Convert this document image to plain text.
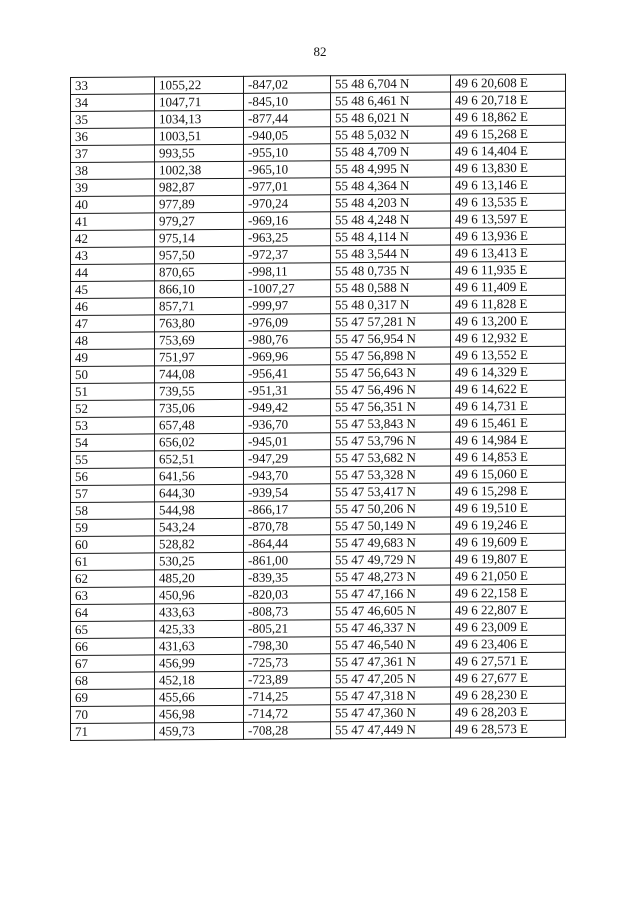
82
33	1055,22	-847,02	55 48 6,704 N	49 6 20,608 E
34	1047,71	-845,10	55 48 6,461 N	49 6 20,718 E
35	1034,13	-877,44	55 48 6,021 N	49 6 18,862 E
36	1003,51	-940,05	55 48 5,032 N	49 6 15,268 E
37	993,55	-955,10	55 48 4,709 N	49 6 14,404 E
38	1002,38	-965,10	55 48 4,995 N	49 6 13,830 E
39	982,87	-977,01	55 48 4,364 N	49 6 13,146 E
40	977,89	-970,24	55 48 4,203 N	49 6 13,535 E
41	979,27	-969,16	55 48 4,248 N	49 6 13,597 E
42	975,14	-963,25	55 48 4,114 N	49 6 13,936 E
43	957,50	-972,37	55 48 3,544 N	49 6 13,413 E
44	870,65	-998,11	55 48 0,735 N	49 6 11,935 E
45	866,10	-1007,27	55 48 0,588 N	49 6 11,409 E
46	857,71	-999,97	55 48 0,317 N	49 6 11,828 E
47	763,80	-976,09	55 47 57,281 N	49 6 13,200 E
48	753,69	-980,76	55 47 56,954 N	49 6 12,932 E
49	751,97	-969,96	55 47 56,898 N	49 6 13,552 E
50	744,08	-956,41	55 47 56,643 N	49 6 14,329 E
51	739,55	-951,31	55 47 56,496 N	49 6 14,622 E
52	735,06	-949,42	55 47 56,351 N	49 6 14,731 E
53	657,48	-936,70	55 47 53,843 N	49 6 15,461 E
54	656,02	-945,01	55 47 53,796 N	49 6 14,984 E
55	652,51	-947,29	55 47 53,682 N	49 6 14,853 E
56	641,56	-943,70	55 47 53,328 N	49 6 15,060 E
57	644,30	-939,54	55 47 53,417 N	49 6 15,298 E
58	544,98	-866,17	55 47 50,206 N	49 6 19,510 E
59	543,24	-870,78	55 47 50,149 N	49 6 19,246 E
60	528,82	-864,44	55 47 49,683 N	49 6 19,609 E
61	530,25	-861,00	55 47 49,729 N	49 6 19,807 E
62	485,20	-839,35	55 47 48,273 N	49 6 21,050 E
63	450,96	-820,03	55 47 47,166 N	49 6 22,158 E
64	433,63	-808,73	55 47 46,605 N	49 6 22,807 E
65	425,33	-805,21	55 47 46,337 N	49 6 23,009 E
66	431,63	-798,30	55 47 46,540 N	49 6 23,406 E
67	456,99	-725,73	55 47 47,361 N	49 6 27,571 E
68	452,18	-723,89	55 47 47,205 N	49 6 27,677 E
69	455,66	-714,25	55 47 47,318 N	49 6 28,230 E
70	456,98	-714,72	55 47 47,360 N	49 6 28,203 E
71	459,73	-708,28	55 47 47,449 N	49 6 28,573 E
